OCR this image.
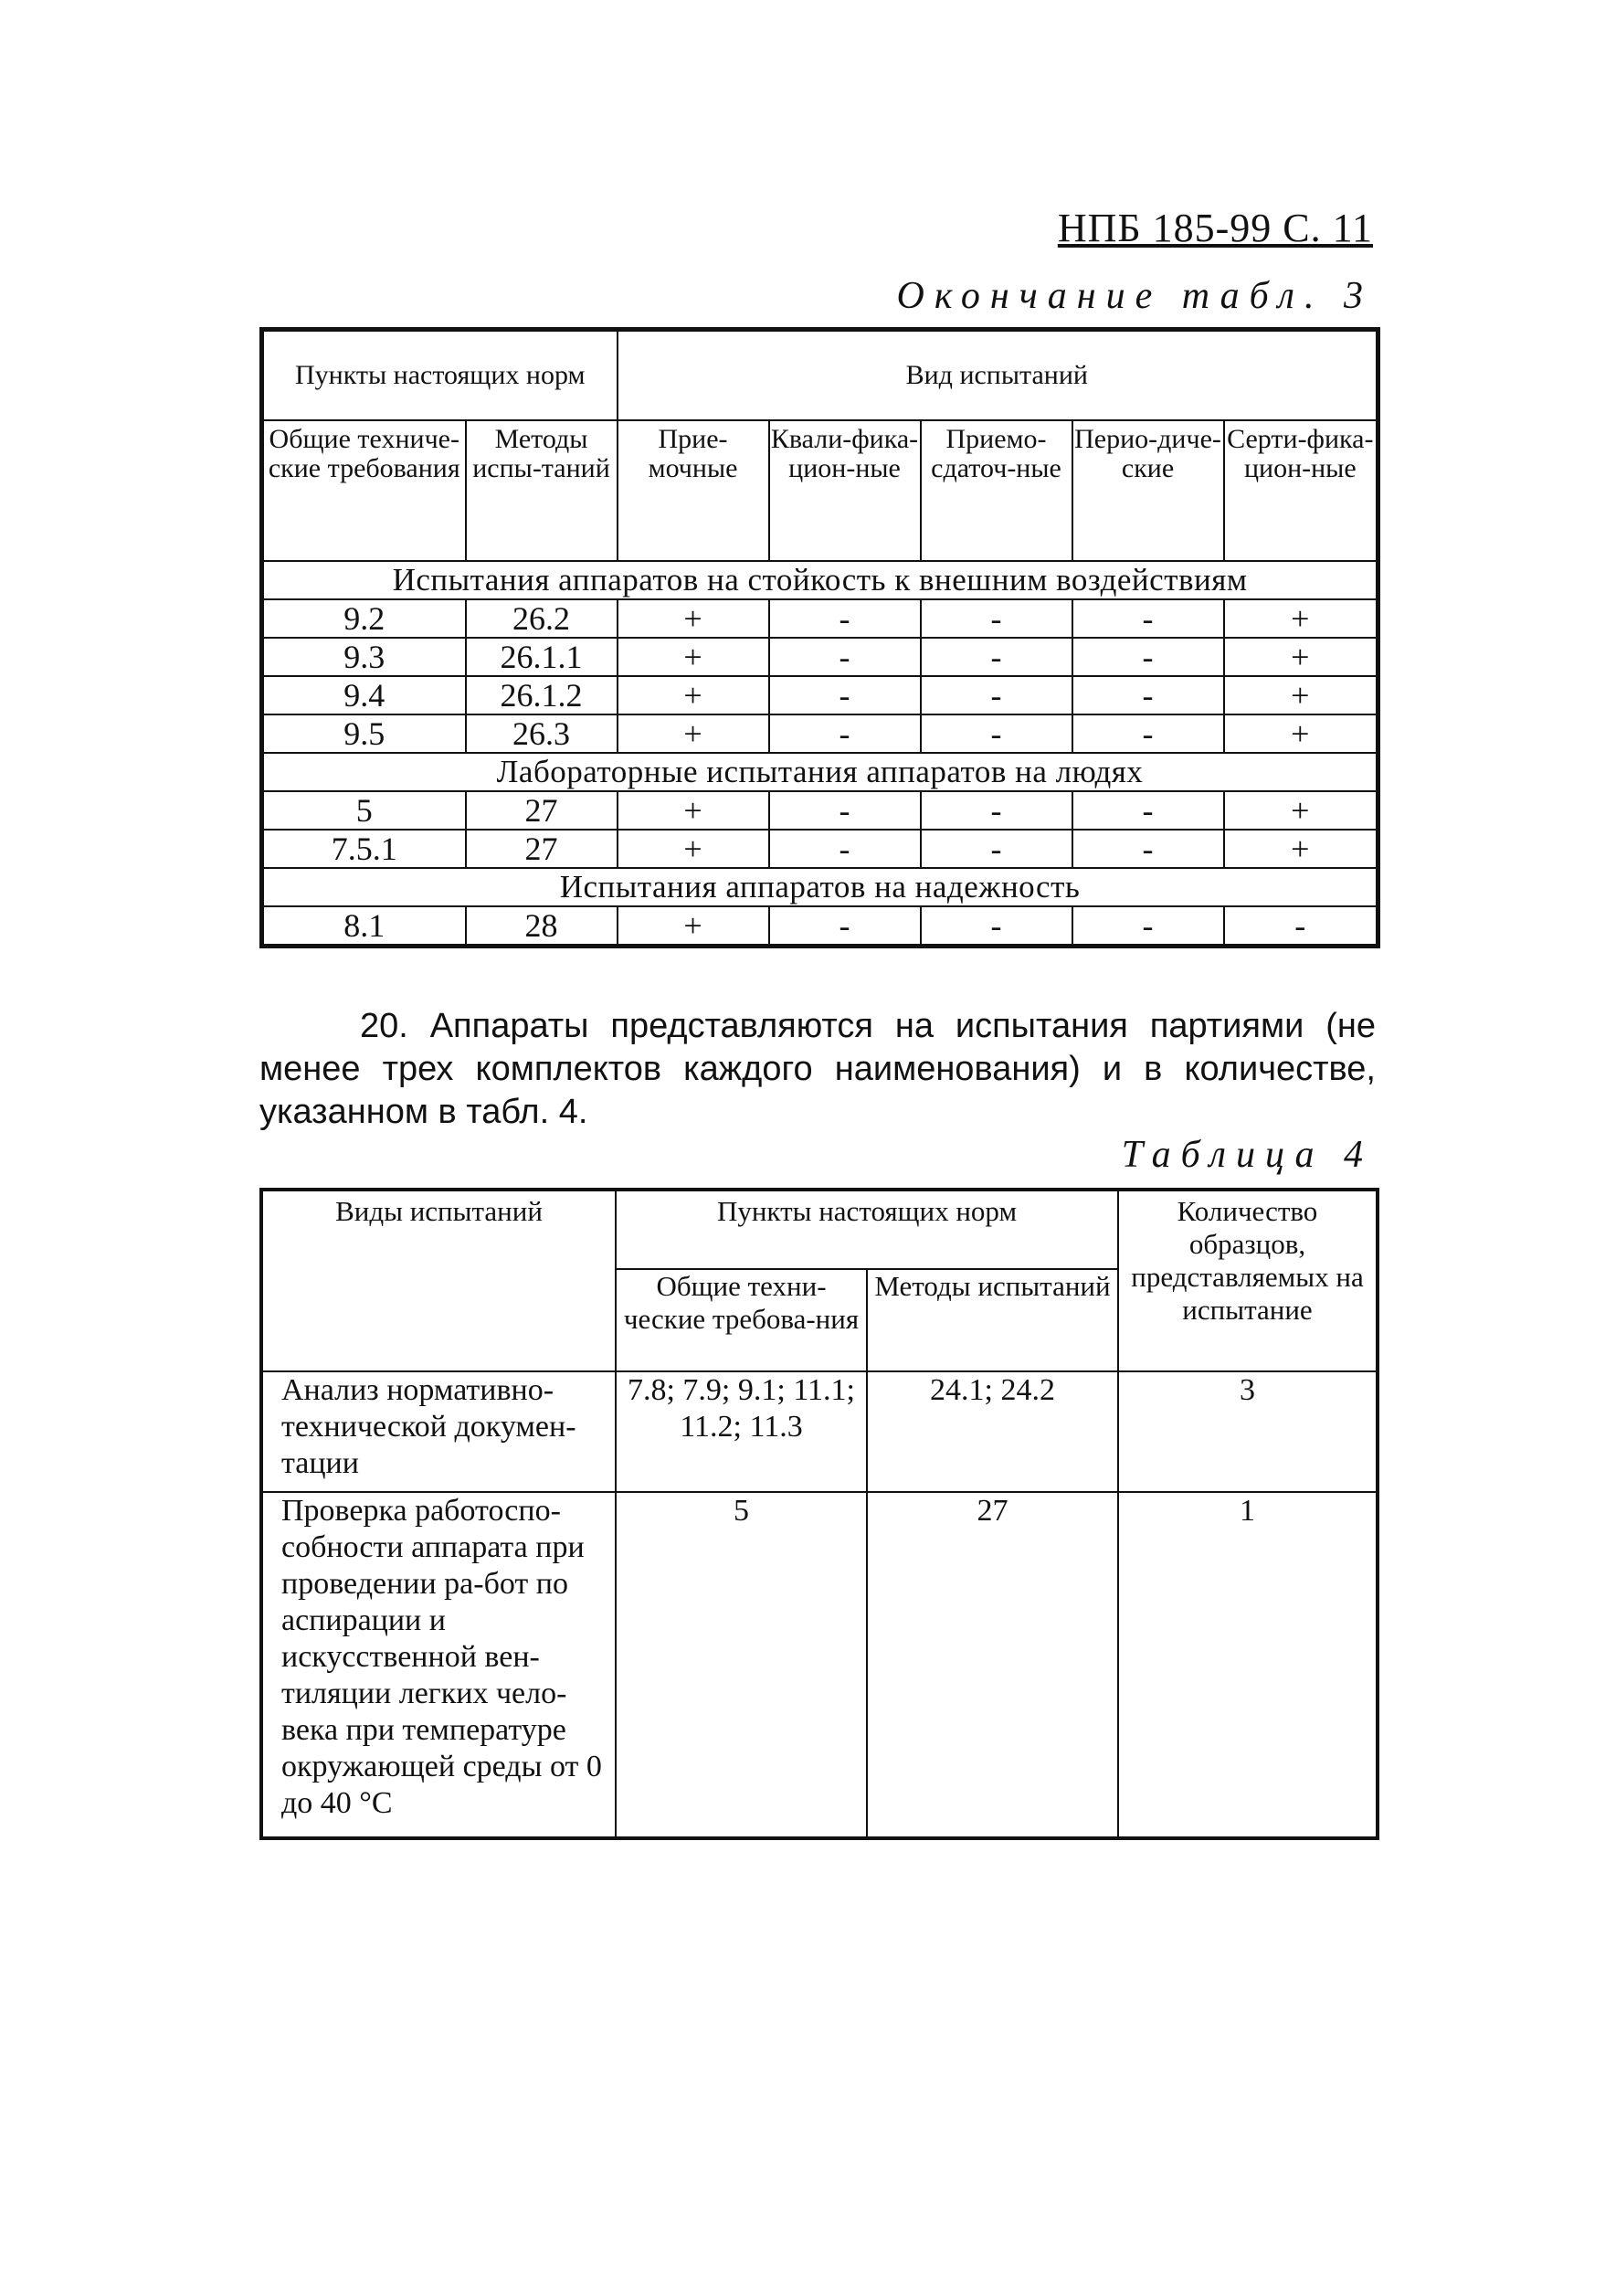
НПБ 185-99 С. 11
Окончание табл. 3
Пункты настоящих норм		Вид испытаний				
Общие техниче-ские требования	Методы испы-таний	Прие-мочные	Квали-фика-цион-ные	Приемо-сдаточ-ные	Перио-диче-ские	Серти-фика-цион-ные
Испытания аппаратов на стойкость к внешним воздействиям						
9.2	26.2	+	-	-	-	+
9.3	26.1.1	+	-	-	-	+
9.4	26.1.2	+	-	-	-	+
9.5	26.3	+	-	-	-	+
Лабораторные испытания аппаратов на людях						
5	27	+	-	-	-	+
7.5.1	27	+	-	-	-	+
Испытания аппаратов на надежность						
8.1	28	+	-	-	-	-
20. Аппараты представляются на испытания партиями (не менее трех комплектов каждого наименования) и в количестве, указанном в табл. 4.
Таблица 4
Виды испытаний	Пункты настоящих норм		Количество образцов, представляемых на испытание
	Общие техни-ческие требова-ния	Методы испытаний	
Анализ нормативно-технической докумен-тации	7.8; 7.9; 9.1; 11.1; 11.2; 11.3	24.1; 24.2	3
Проверка работоспо-собности аппарата при проведении ра-бот по аспирации и искусственной вен-тиляции легких чело-века при температуре окружающей среды от 0 до 40 °С	5	27	1
